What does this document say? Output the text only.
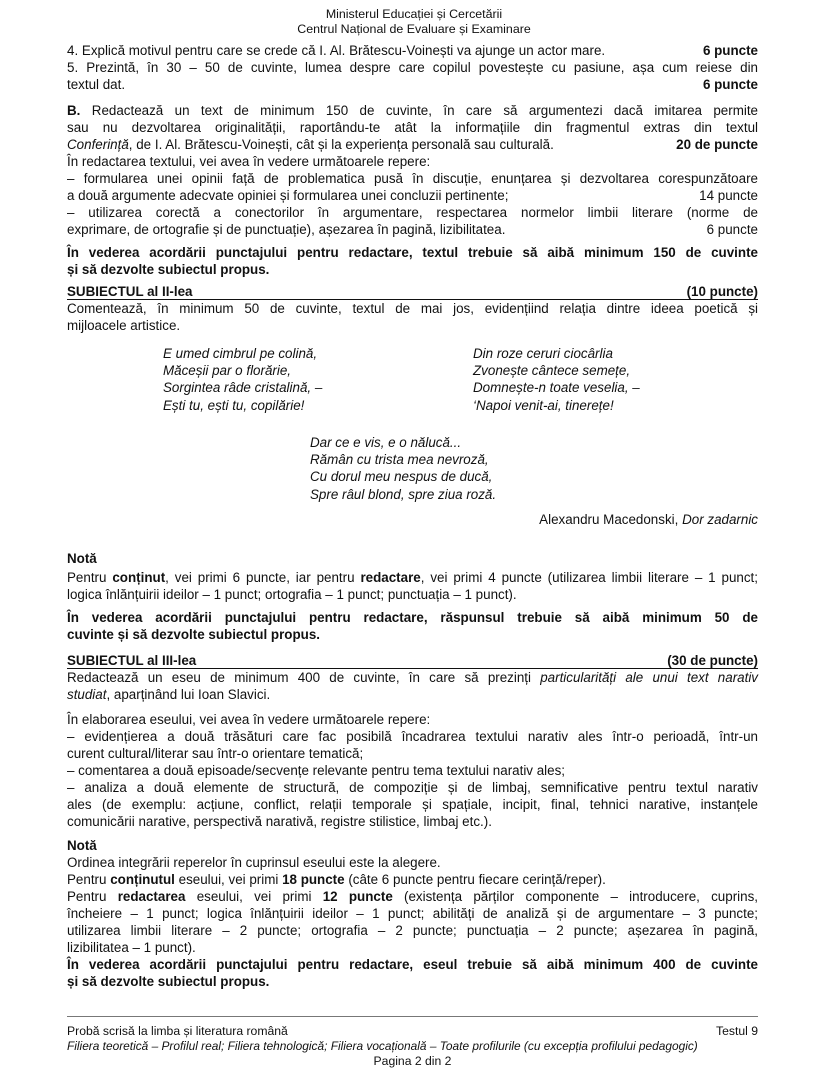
Ministerul Educației și Cercetării
Centrul Național de Evaluare și Examinare
4. Explică motivul pentru care se crede că I. Al. Brătescu-Voinești va ajunge un actor mare.	6 puncte
5. Prezintă, în 30 – 50 de cuvinte, lumea despre care copilul povestește cu pasiune, așa cum reiese din
textul dat.	6 puncte
B. Redactează un text de minimum 150 de cuvinte, în care să argumentezi dacă imitarea permite
sau nu dezvoltarea originalității, raportându-te atât la informațiile din fragmentul extras din textul
Conferință, de I. Al. Brătescu-Voinești, cât și la experiența personală sau culturală.	20 de puncte
În redactarea textului, vei avea în vedere următoarele repere:
– formularea unei opinii față de problematica pusă în discuție, enunțarea și dezvoltarea corespunzătoare
a două argumente adecvate opiniei și formularea unei concluzii pertinente;	14 puncte
– utilizarea corectă a conectorilor în argumentare, respectarea normelor limbii literare (norme de
exprimare, de ortografie și de punctuație), așezarea în pagină, lizibilitatea.	6 puncte
În vederea acordării punctajului pentru redactare, textul trebuie să aibă minimum 150 de cuvinte
și să dezvolte subiectul propus.
SUBIECTUL al II-lea	(10 puncte)
Comentează, în minimum 50 de cuvinte, textul de mai jos, evidențiind relația dintre ideea poetică și
mijloacele artistice.
E umed cimbrul pe colină,
Măceșii par o florărie,
Sorgintea râde cristalină, –
Ești tu, ești tu, copilărie!
Din roze ceruri ciocârlia
Zvonește cântece semețe,
Domnește-n toate veselia, –
‘Napoi venit-ai, tinerețe!
Dar ce e vis, e o nălucă...
Rămân cu trista mea nevroză,
Cu dorul meu nespus de ducă,
Spre râul blond, spre ziua roză.
Alexandru Macedonski, Dor zadarnic
Notă
Pentru conținut, vei primi 6 puncte, iar pentru redactare, vei primi 4 puncte (utilizarea limbii literare – 1 punct;
logica înlănțuirii ideilor – 1 punct; ortografia – 1 punct; punctuația – 1 punct).
În vederea acordării punctajului pentru redactare, răspunsul trebuie să aibă minimum 50 de
cuvinte și să dezvolte subiectul propus.
SUBIECTUL al III-lea	(30 de puncte)
Redactează un eseu de minimum 400 de cuvinte, în care să prezinți particularități ale unui text narativ
studiat, aparținând lui Ioan Slavici.
În elaborarea eseului, vei avea în vedere următoarele repere:
– evidențierea a două trăsături care fac posibilă încadrarea textului narativ ales într-o perioadă, într-un
curent cultural/literar sau într-o orientare tematică;
– comentarea a două episoade/secvențe relevante pentru tema textului narativ ales;
– analiza a două elemente de structură, de compoziție și de limbaj, semnificative pentru textul narativ
ales (de exemplu: acțiune, conflict, relații temporale și spațiale, incipit, final, tehnici narative, instanțele
comunicării narative, perspectivă narativă, registre stilistice, limbaj etc.).
Notă
Ordinea integrării reperelor în cuprinsul eseului este la alegere.
Pentru conținutul eseului, vei primi 18 puncte (câte 6 puncte pentru fiecare cerință/reper).
Pentru redactarea eseului, vei primi 12 puncte (existența părților componente – introducere, cuprins,
încheiere – 1 punct; logica înlănțuirii ideilor – 1 punct; abilități de analiză și de argumentare – 3 puncte;
utilizarea limbii literare – 2 puncte; ortografia – 2 puncte; punctuația – 2 puncte; așezarea în pagină,
lizibilitatea – 1 punct).
În vederea acordării punctajului pentru redactare, eseul trebuie să aibă minimum 400 de cuvinte
și să dezvolte subiectul propus.
Probă scrisă la limba și literatura română	Testul 9
Filiera teoretică – Profilul real; Filiera tehnologică; Filiera vocațională – Toate profilurile (cu excepția profilului pedagogic)
Pagina 2 din 2
